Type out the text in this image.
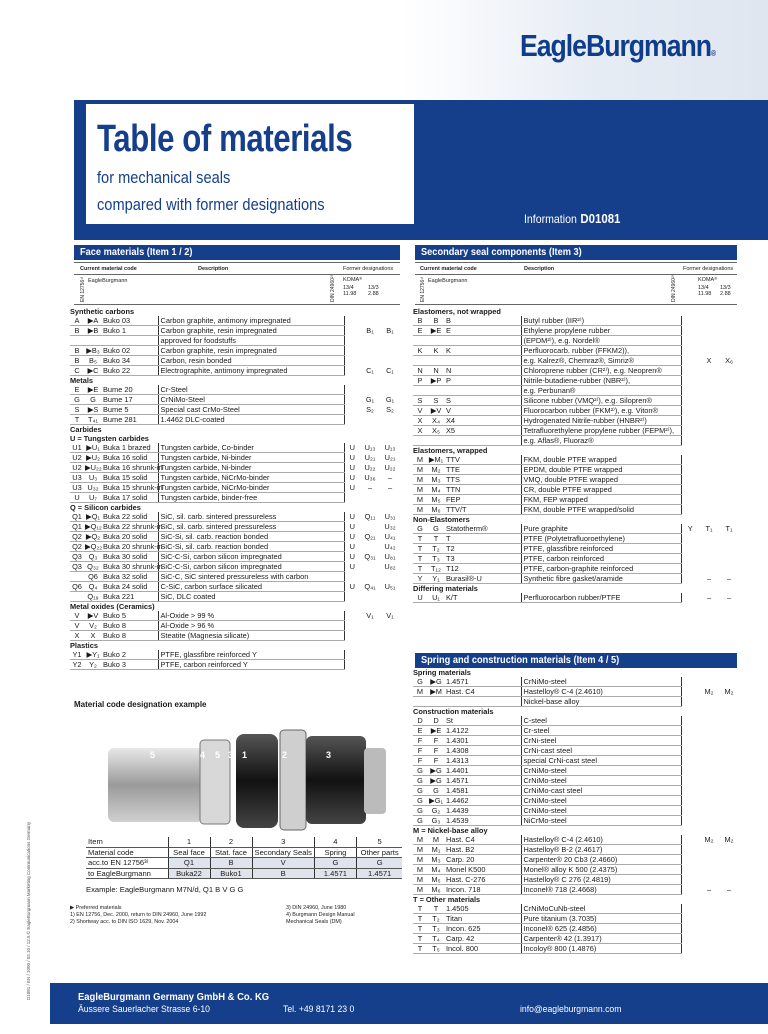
EagleBurgmann®
Table of materials
for mechanical seals
compared with former designations
Information D01081
Face materials (Item 1 / 2)
Current material code	Description	Former designations
EagleBurgmann
EN 12756¹⁾	DIN 24960²⁾ KOMA³⁾
13/4 11.98
13/3 2.88
Synthetic carbons						
A	▶A	Buko 03	Carbon graphite, antimony impregnated			
B	▶B	Buko 1	Carbon graphite, resin impregnated		B₁	B₁
			approved for foodstuffs			
B	▶B₃	Buko 02	Carbon graphite, resin impregnated			
B	B₅	Buko 34	Carbon, resin bonded			
C	▶C	Buko 22	Electrographite, antimony impregnated		C₁	C₁
Metals						
E	▶E	Bume 20	Cr-Steel			
G	G	Bume 17	CrNiMo-Steel		G₁	G₁
S	▶S	Bume 5	Special cast CrMo-Steel		S₂	S₂
T	T₄₁	Bume 281	1.4462 DLC-coated			
Carbides						
U = Tungsten carbides						
U1	▶U₁	Buka 1 brazed	Tungsten carbide, Co-binder	U	U₁₃	U₁₃
U2	▶U₂	Buka 16 solid	Tungsten carbide, Ni-binder	U	U₂₁	U₂₁
U2	▶U₂₂	Buka 16 shrunk-in	Tungsten carbide, Ni-binder	U	U₂₂	U₂₂
U3	U₃	Buka 15 solid	Tungsten carbide, NiCrMo-binder	U	U₃₆	–
U3	U₃₂	Buka 15 shrunk-in	Tungsten carbide, NiCrMo-binder	U	–	–
U	U₇	Buka 17 solid	Tungsten carbide, binder-free			
Q = Silicon carbides						
Q1	▶Q₁	Buka 22 solid	SiC, sil. carb. sintered pressureless	U	Q₁₁	U₃₁
Q1	▶Q₁₂	Buka 22 shrunk-in	SiC, sil. carb. sintered pressureless	U		U₃₂
Q2	▶Q₂	Buka 20 solid	SiC-Si, sil. carb. reaction bonded	U	Q₂₁	U₄₁
Q2	▶Q₂₂	Buka 20 shrunk-in	SiC-Si, sil. carb. reaction bonded	U		U₄₂
Q3	Q₃	Buka 30 solid	SiC-C-Si, carbon silicon impregnated	U	Q₃₁	U₈₁
Q3	Q₃₂	Buka 30 shrunk-in	SiC-C-Si, carbon silicon impregnated	U		U₈₂
	Q6	Buka 32 solid	SiC-C, SiC sintered pressureless with carbon			
Q6	Q₄	Buka 24 solid	C-SiC, carbon surface silicated	U	Q₄₁	U₅₁
	Q₁₉	Buka 221	SiC, DLC coated			
Metal oxides (Ceramics)						
V	▶V	Buko 5	Al-Oxide > 99 %		V₁	V₁
V	V₂	Buko 8	Al-Oxide > 96 %			
X	X	Buko 8	Steatite (Magnesia silicate)			
Plastics						
Y1	▶Y₁	Buko 2	PTFE, glassfibre reinforced Y			
Y2	Y₂	Buko 3	PTFE, carbon reinforced Y			
Secondary seal components (Item 3)
Current material code	Description	Former designations
EagleBurgmann
EN 12756¹⁾	DIN 24960²⁾	KOMA³⁾
13/4 11.98
13/3 2.88
Elastomers, not wrapped						
B	B	B	Butyl rubber (IIR²⁾)			
E	▶E	E	Ethylene propylene rubber			
			(EPDM²⁾), e.g. Nordel®			
K	K	K	Perfluorocarb. rubber (FFKM2)),			
			e.g. Kalrez®, Chemraz®, Simriz®		X	X₆
N	N	N	Chloroprene rubber (CR²⁾), e.g. Neopren®			
P	▶P	P	Nitrile-butadiene-rubber (NBR²⁾),			
			e.g. Perbunan®			
S	S	S	Silicone rubber (VMQ²⁾), e.g. Silopren®			
V	▶V	V	Fluorocarbon rubber (FKM²⁾), e.g. Viton®			
X	X₄	X4	Hydrogenated Nitrile-rubber (HNBR²⁾)			
X	X₅	X5	Tetrafluorethylene propylene rubber (FEPM²⁾),			
			e.g. Aflas®, Fluoraz®			
Elastomers, wrapped						
M	▶M₁	TTV	FKM, double PTFE wrapped			
M	M₂	TTE	EPDM, double PTFE wrapped			
M	M₃	TTS	VMQ, double PTFE wrapped			
M	M₄	TTN	CR, double PTFE wrapped			
M	M₅	FEP	FKM, FEP wrapped			
M	M₆	TTV/T	FKM, double PTFE wrapped/solid			
Non-Elastomers						
G	G	Statotherm®	Pure graphite	Y	T₁	T₁
T	T	T	PTFE (Polytetrafluoroethylene)			
T	T₂	T2	PTFE, glassfibre reinforced			
T	T₃	T3	PTFE, carbon reinforced			
T	T₁₂	T12	PTFE, carbon-graphite reinforced			
Y	Y₁	Burasil®-U	Synthetic fibre gasket/aramide		–	–
Differing materials						
U	U₁	K/T	Perfluorocarbon rubber/PTFE		–	–
Spring and construction materials (Item 4 / 5)
Spring materials						
G	▶G	1.4571	CrNiMo-steel			
M	▶M	Hast. C4	Hastelloy® C-4 (2.4610)		M₂	M₂
			Nickel-base alloy			
Construction materials						
D	D	St	C-steel			
E	▶E	1.4122	Cr-steel			
F	F	1.4301	CrNi-steel			
F	F	1.4308	CrNi-cast steel			
F	F	1.4313	special CrNi-cast steel			
G	▶G	1.4401	CrNiMo-steel			
G	▶G	1.4571	CrNiMo-steel			
G	G	1.4581	CrNiMo-cast steel			
G	▶G₁	1.4462	CrNiMo-steel			
G	G₂	1.4439	CrNiMo-steel			
G	G₃	1.4539	NiCrMo-steel			
M = Nickel-base alloy						
M	M	Hast. C4	Hastelloy® C-4 (2.4610)		M₂	M₂
M	M₁	Hast. B2	Hastelloy® B-2 (2.4617)			
M	M₃	Carp. 20	Carpenter® 20 Cb3 (2.4660)			
M	M₄	Monel K500	Monel® alloy K 500 (2.4375)			
M	M₅	Hast. C-276	Hastelloy® C 276 (2.4819)			
M	M₆	Incon. 718	Inconel® 718 (2.4668)		–	–
T = Other materials						
T	T	1.4505	CrNiMoCuNb-steel			
T	T₂	Titan	Pure titanium (3.7035)			
T	T₃	Incon. 625	Inconel® 625 (2.4856)			
T	T₄	Carp. 42	Carpenter® 42 (1.3917)			
T	T₅	Incol. 800	Incoloy® 800 (1.4876)			
Material code designation example
5	4 5 3 1	2	3
Item	1	2	3	4	5
Material code	Seal face	Stat. face	Secondary Seals	Spring	Other parts
acc.to EN 12756³⁾	Q1	B	V	G	G
to EagleBurgmann	Buka22	Buko1	B	1.4571	1.4571
Example: EagleBurgmann M7N/d, Q1 B V G G
▶ Preferred materials
1) EN 12756, Dec. 2000, return to DIN 24960, June 1992
2) Shortway acc. to DIN ISO 1629, Nov. 2004
3) DIN 24960, June 1980
4) Burgmann Design Manual
Mechanical Seals (DM)
D1081 / EN / 1000 / 02.10 / 12.5 © EagleBurgmann Marketing Communications Germany	EagleBurgmann Germany GmbH & Co. KG
Äussere Sauerlacher Strasse 6-10	Tel. +49 8171 23 0	info@eagleburgmann.com
82515 Wolfratshausen	Fax +49 8171 23 1214	www.eagleburgmann.com
